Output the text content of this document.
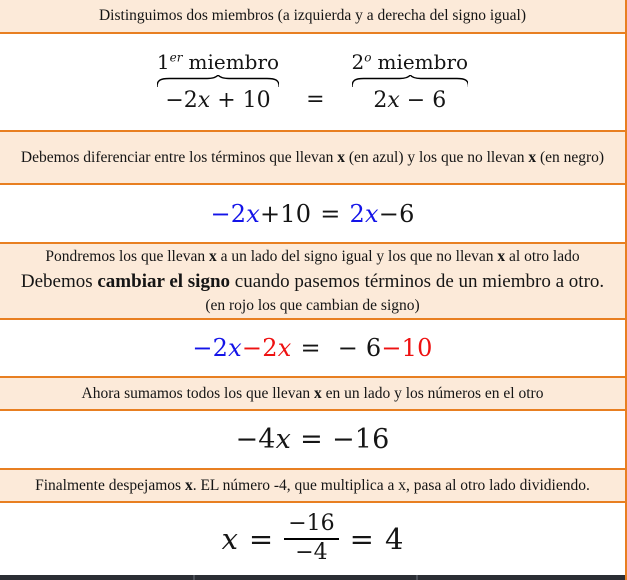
Distinguimos dos miembros (a izquierda y a derecha del signo igual)

1er miembro
−2x + 10 =
$2^o$ miembro
2x − 6

Debemos diferenciar entre los términos que llevan x (en azul) y los que no llevan x (en negro)

−2x+10 = 2x−6

Pondremos los que llevan x a un lado del signo igual y los que no llevan x al otro lado

Debemos cambiar el signo cuando pasemos términos de un miembro a otro. (en rojo los que cambian de signo)

−2x−2x = − 6−10

Ahora sumamos todos los que llevan x en un lado y los números en el otro

−4x = −16

Finalmente despejamos x. EL número -4, que multiplica a x, pasa al otro lado dividiendo.

$x = \frac{-16}{-4} = 4$
